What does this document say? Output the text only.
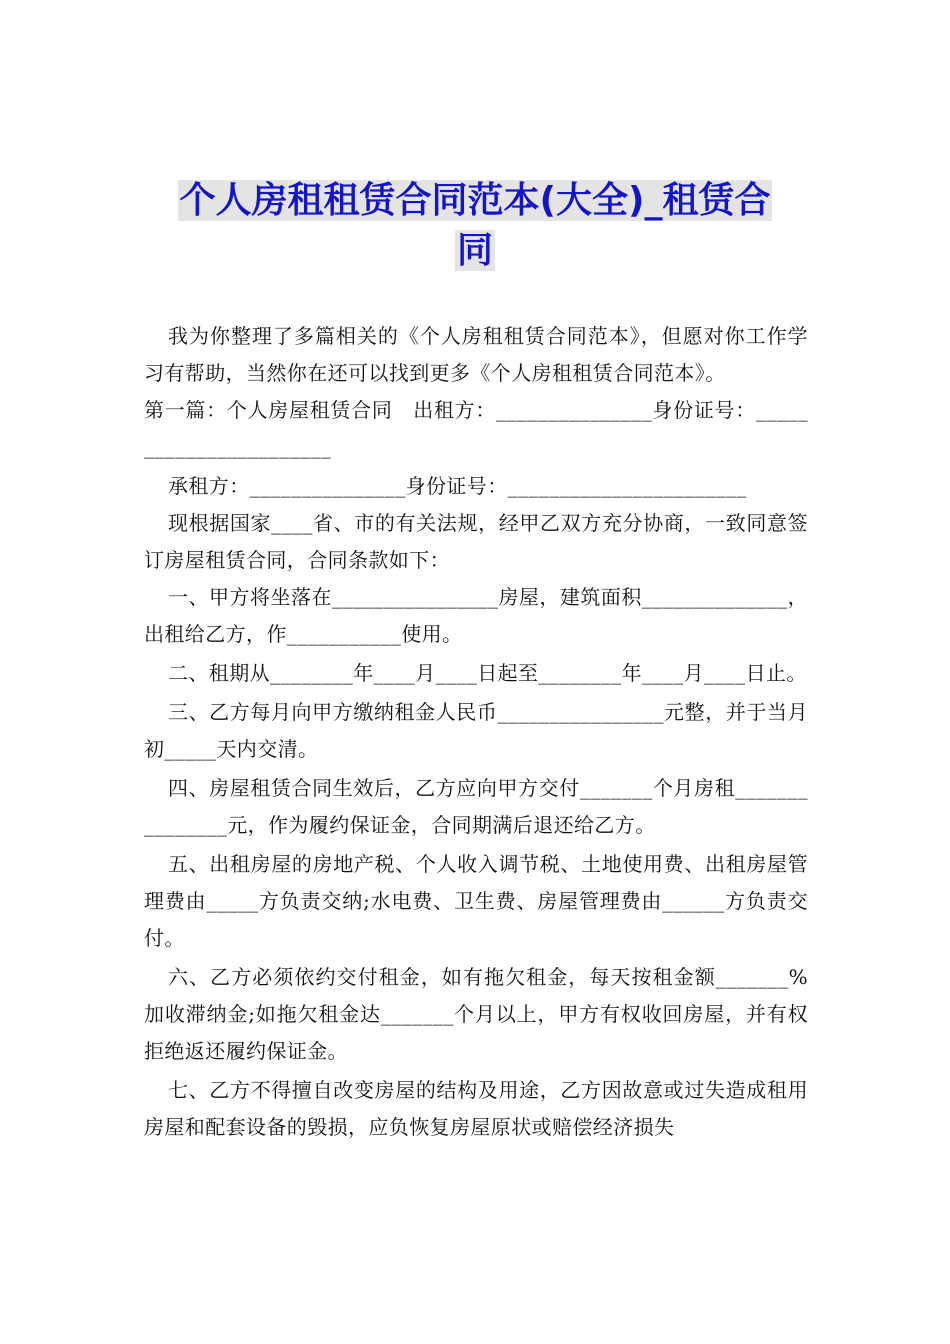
个人房租租赁合同范本(大全)_租赁合
同

我为你整理了多篇相关的《个人房租租赁合同范本》，但愿对你工作学习有帮助，当然你在还可以找到更多《个人房租租赁合同范本》。

第一篇：个人房屋租赁合同　出租方：_______________身份证号：_______________________

承租方：_______________身份证号：_______________________

现根据国家____省、市的有关法规，经甲乙双方充分协商，一致同意签订房屋租赁合同，合同条款如下：

一、甲方将坐落在________________房屋，建筑面积______________，出租给乙方，作___________使用。

二、租期从________年____月____日起至________年____月____日止。

三、乙方每月向甲方缴纳租金人民币________________元整，并于当月初_____天内交清。

四、房屋租赁合同生效后，乙方应向甲方交付_______个月房租_______________元，作为履约保证金，合同期满后退还给乙方。

五、出租房屋的房地产税、个人收入调节税、土地使用费、出租房屋管理费由_____方负责交纳;水电费、卫生费、房屋管理费由______方负责交付。

六、乙方必须依约交付租金，如有拖欠租金，每天按租金额_______%加收滞纳金;如拖欠租金达_______个月以上，甲方有权收回房屋，并有权拒绝返还履约保证金。

七、乙方不得擅自改变房屋的结构及用途，乙方因故意或过失造成租用房屋和配套设备的毁损，应负恢复房屋原状或赔偿经济损失
